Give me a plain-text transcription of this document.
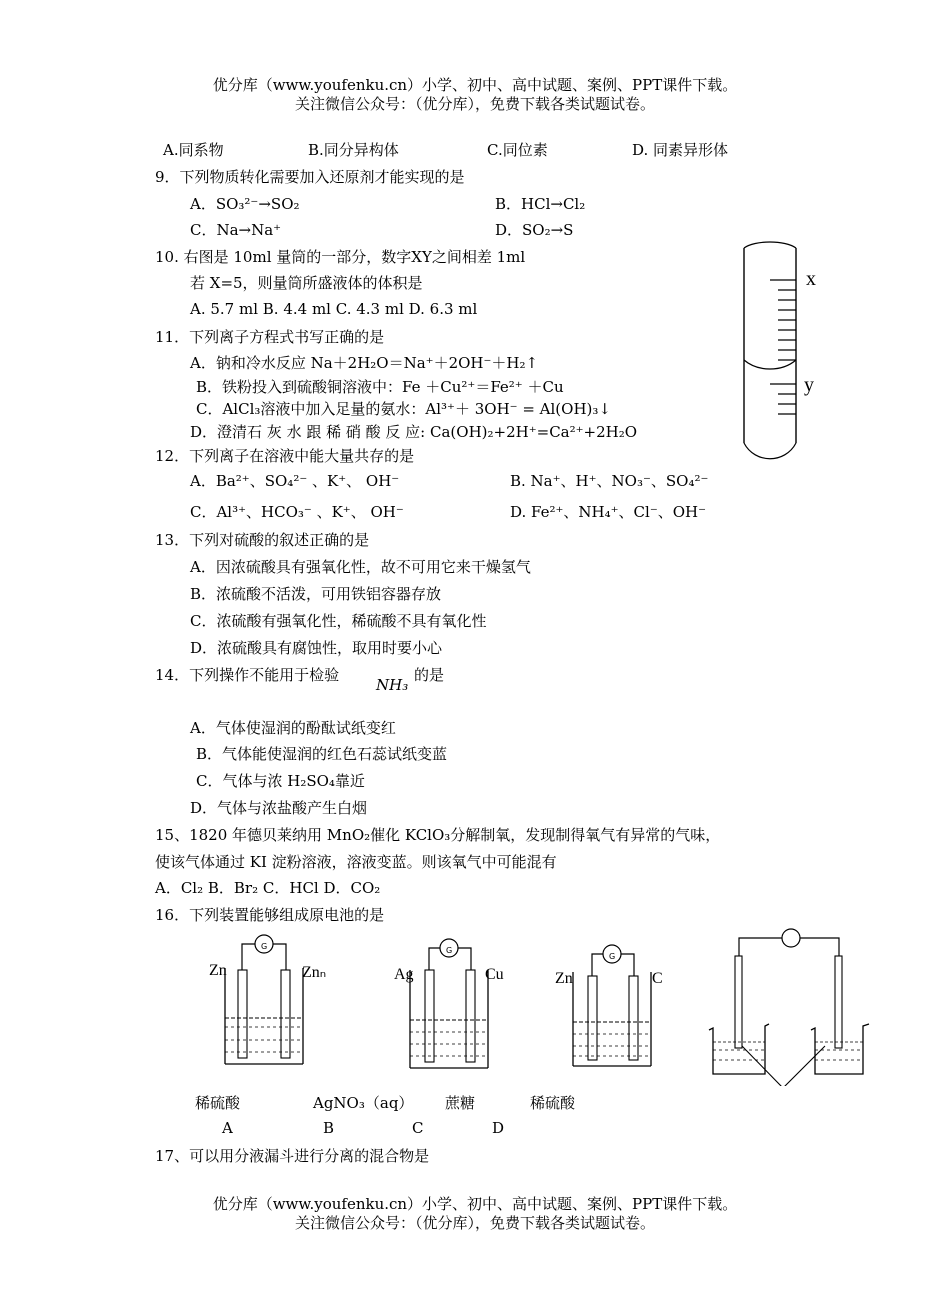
优分库（www.youfenku.cn）小学、初中、高中试题、案例、PPT课件下载。
关注微信公众号：（优分库），免费下载各类试题试卷。
A.同系物	B.同分异构体	C.同位素	D. 同素异形体
9．下列物质转化需要加入还原剂才能实现的是
A．SO₃²⁻→SO₂	B．HCl→Cl₂
C．Na→Na⁺	D．SO₂→S
10. 右图是 10ml 量筒的一部分，数字XY之间相差 1ml
若 X=5，则量筒所盛液体的体积是
A. 5.7 ml B. 4.4 ml C. 4.3 ml D. 6.3 ml
x
y
11．下列离子方程式书写正确的是
A．钠和冷水反应 Na＋2H₂O＝Na⁺＋2OH⁻＋H₂↑
B．铁粉投入到硫酸铜溶液中：Fe ＋Cu²⁺＝Fe²⁺ ＋Cu
C．AlCl₃溶液中加入足量的氨水：Al³⁺＋ 3OH⁻ = Al(OH)₃↓
D．澄清石 灰 水 跟 稀 硝 酸 反 应: Ca(OH)₂+2H⁺=Ca²⁺+2H₂O
12．下列离子在溶液中能大量共存的是
A．Ba²⁺、SO₄²⁻ 、K⁺、 OH⁻	B. Na⁺、H⁺、NO₃⁻、SO₄²⁻
C．Al³⁺、HCO₃⁻ 、K⁺、 OH⁻	D. Fe²⁺、NH₄⁺、Cl⁻、OH⁻
13．下列对硫酸的叙述正确的是
A．因浓硫酸具有强氧化性，故不可用它来干燥氢气
B．浓硫酸不活泼，可用铁铝容器存放
C．浓硫酸有强氧化性，稀硫酸不具有氧化性
D．浓硫酸具有腐蚀性，取用时要小心
14．下列操作不能用于检验
NH₃
的是
A．气体使湿润的酚酞试纸变红
B．气体能使湿润的红色石蕊试纸变蓝
C．气体与浓 H₂SO₄靠近
D．气体与浓盐酸产生白烟
15、1820 年德贝莱纳用 MnO₂催化 KClO₃分解制氧，发现制得氧气有异常的气味，
使该气体通过 KI 淀粉溶液，溶液变蓝。则该氧气中可能混有
A．Cl₂ B．Br₂ C．HCl D．CO₂
16．下列装置能够组成原电池的是
G
Zn	Znₙ
G
Ag	Cu
G
Zn	C
稀硫酸	AgNO₃（aq） 蔗糖	稀硫酸
A	B	C	D
17、可以用分液漏斗进行分离的混合物是
优分库（www.youfenku.cn）小学、初中、高中试题、案例、PPT课件下载。
关注微信公众号：（优分库），免费下载各类试题试卷。
